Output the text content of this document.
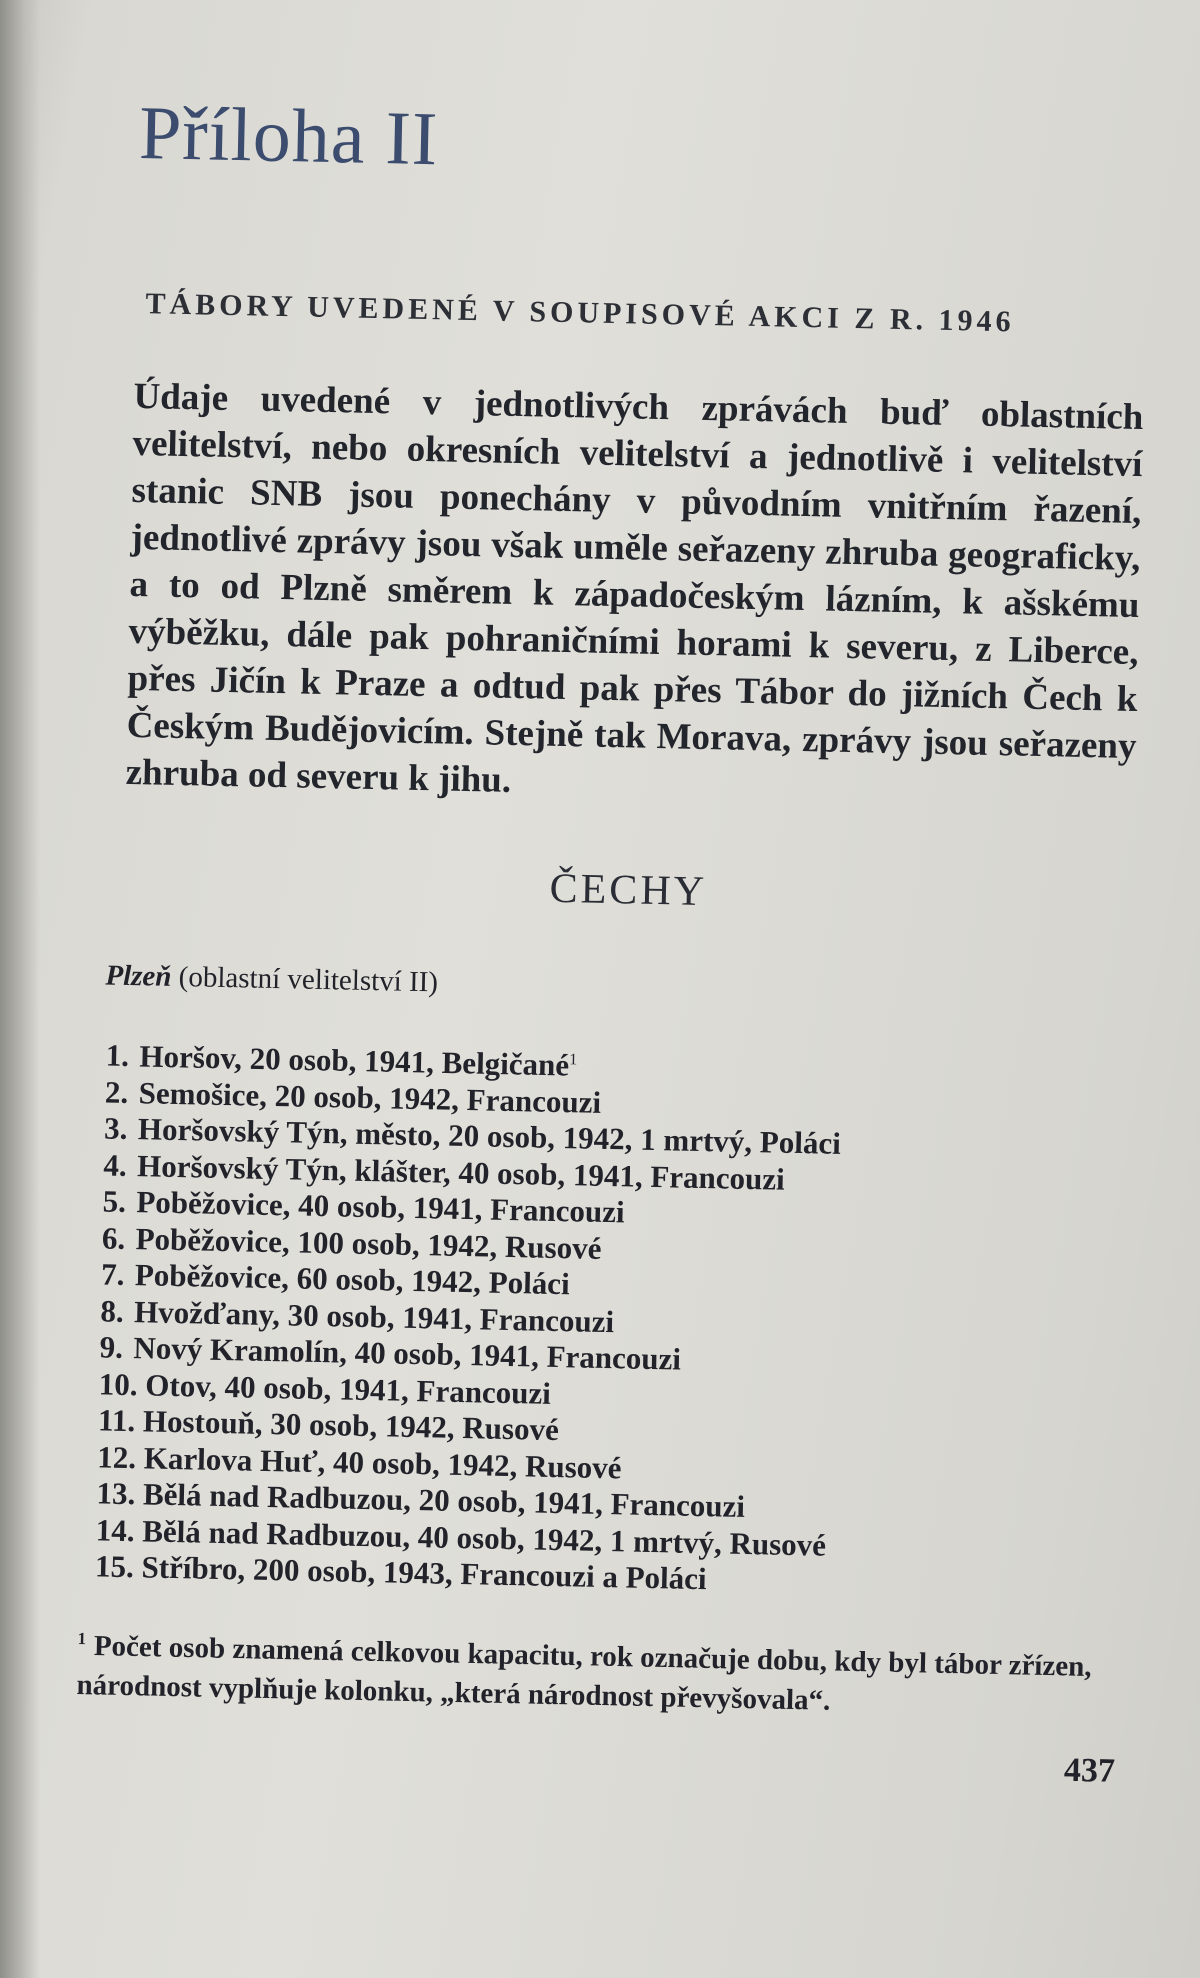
Příloha II
TÁBORY UVEDENÉ V SOUPISOVÉ AKCI Z R. 1946

Údaje uvedené v jednotlivých zprávách buď oblastních velitelství, nebo okresních velitelství a jednotlivě i velitelství stanic SNB jsou ponechány v původním vnitřním řazení, jednotlivé zprávy jsou však uměle seřazeny zhruba geograficky, a to od Plzně směrem k západočeským lázním, k ašskému výběžku, dále pak pohraničními horami k severu, z Liberce, přes Jičín k Praze a odtud pak přes Tábor do jižních Čech k Českým Budějovicím. Stejně tak Morava, zprávy jsou seřazeny zhruba od severu k jihu.

ČECHY
Plzeň (oblastní velitelství II)
1. Horšov, 20 osob, 1941, Belgičané$^1$
2. Semošice, 20 osob, 1942, Francouzi
3. Horšovský Týn, město, 20 osob, 1942, 1 mrtvý, Poláci
4. Horšovský Týn, klášter, 40 osob, 1941, Francouzi
5. Poběžovice, 40 osob, 1941, Francouzi
6. Poběžovice, 100 osob, 1942, Rusové
7. Poběžovice, 60 osob, 1942, Poláci
8. Hvožďany, 30 osob, 1941, Francouzi
9. Nový Kramolín, 40 osob, 1941, Francouzi
10. Otov, 40 osob, 1941, Francouzi
11. Hostouň, 30 osob, 1942, Rusové
12. Karlova Huť, 40 osob, 1942, Rusové
13. Bělá nad Radbuzou, 20 osob, 1941, Francouzi
14. Bělá nad Radbuzou, 40 osob, 1942, 1 mrtvý, Rusové
15. Stříbro, 200 osob, 1943, Francouzi a Poláci

$^1$ Počet osob znamená celkovou kapacitu, rok označuje dobu, kdy byl tábor zřízen, národnost vyplňuje kolonku, „která národnost převyšovala“.

437
